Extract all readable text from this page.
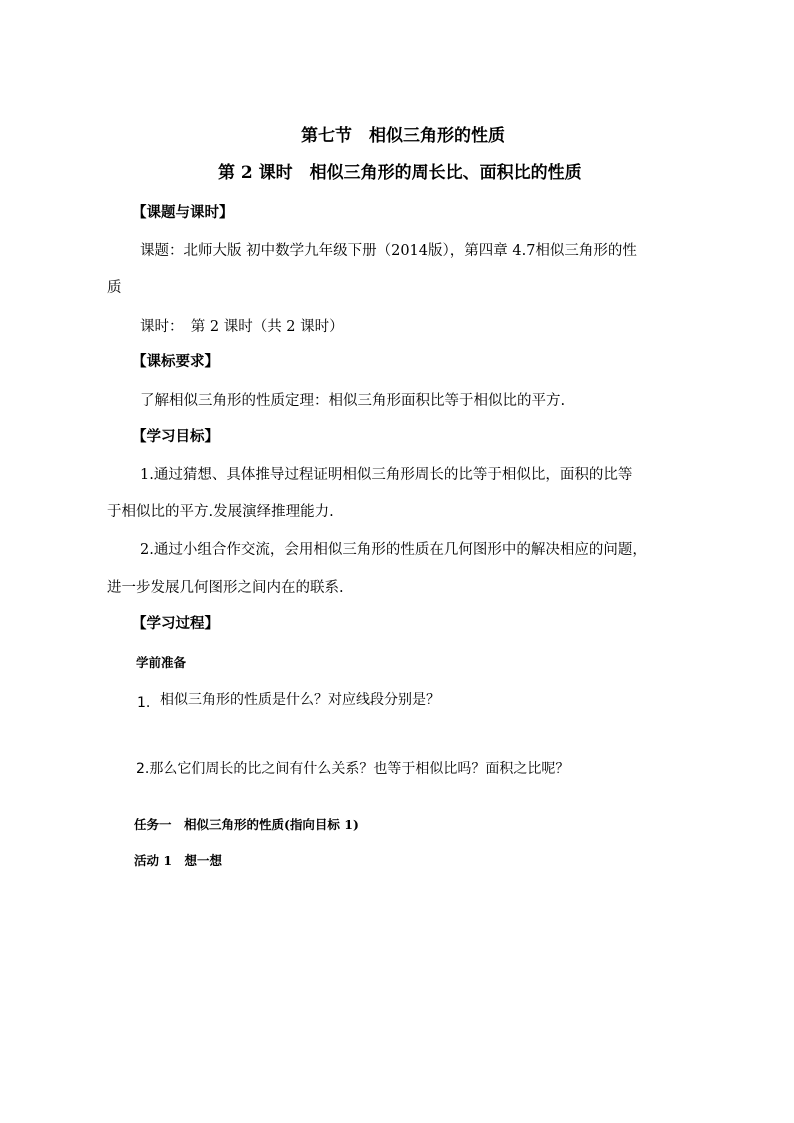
第七节　相似三角形的性质
第 2 课时　相似三角形的周长比、面积比的性质
【课题与课时】
课题：北师大版 初中数学九年级下册（2014版），第四章 4.7相似三角形的性
质
课时：　第 2 课时（共 2 课时）
【课标要求】
了解相似三角形的性质定理：相似三角形面积比等于相似比的平方.
【学习目标】
1.通过猜想、具体推导过程证明相似三角形周长的比等于相似比，面积的比等
于相似比的平方.发展演绎推理能力.
2.通过小组合作交流，会用相似三角形的性质在几何图形中的解决相应的问题，
进一步发展几何图形之间内在的联系.
【学习过程】
学前准备
1. 相似三角形的性质是什么？对应线段分别是？
2.那么它们周长的比之间有什么关系？也等于相似比吗？面积之比呢？
任务一　相似三角形的性质(指向目标 1)
活动 1　想一想
